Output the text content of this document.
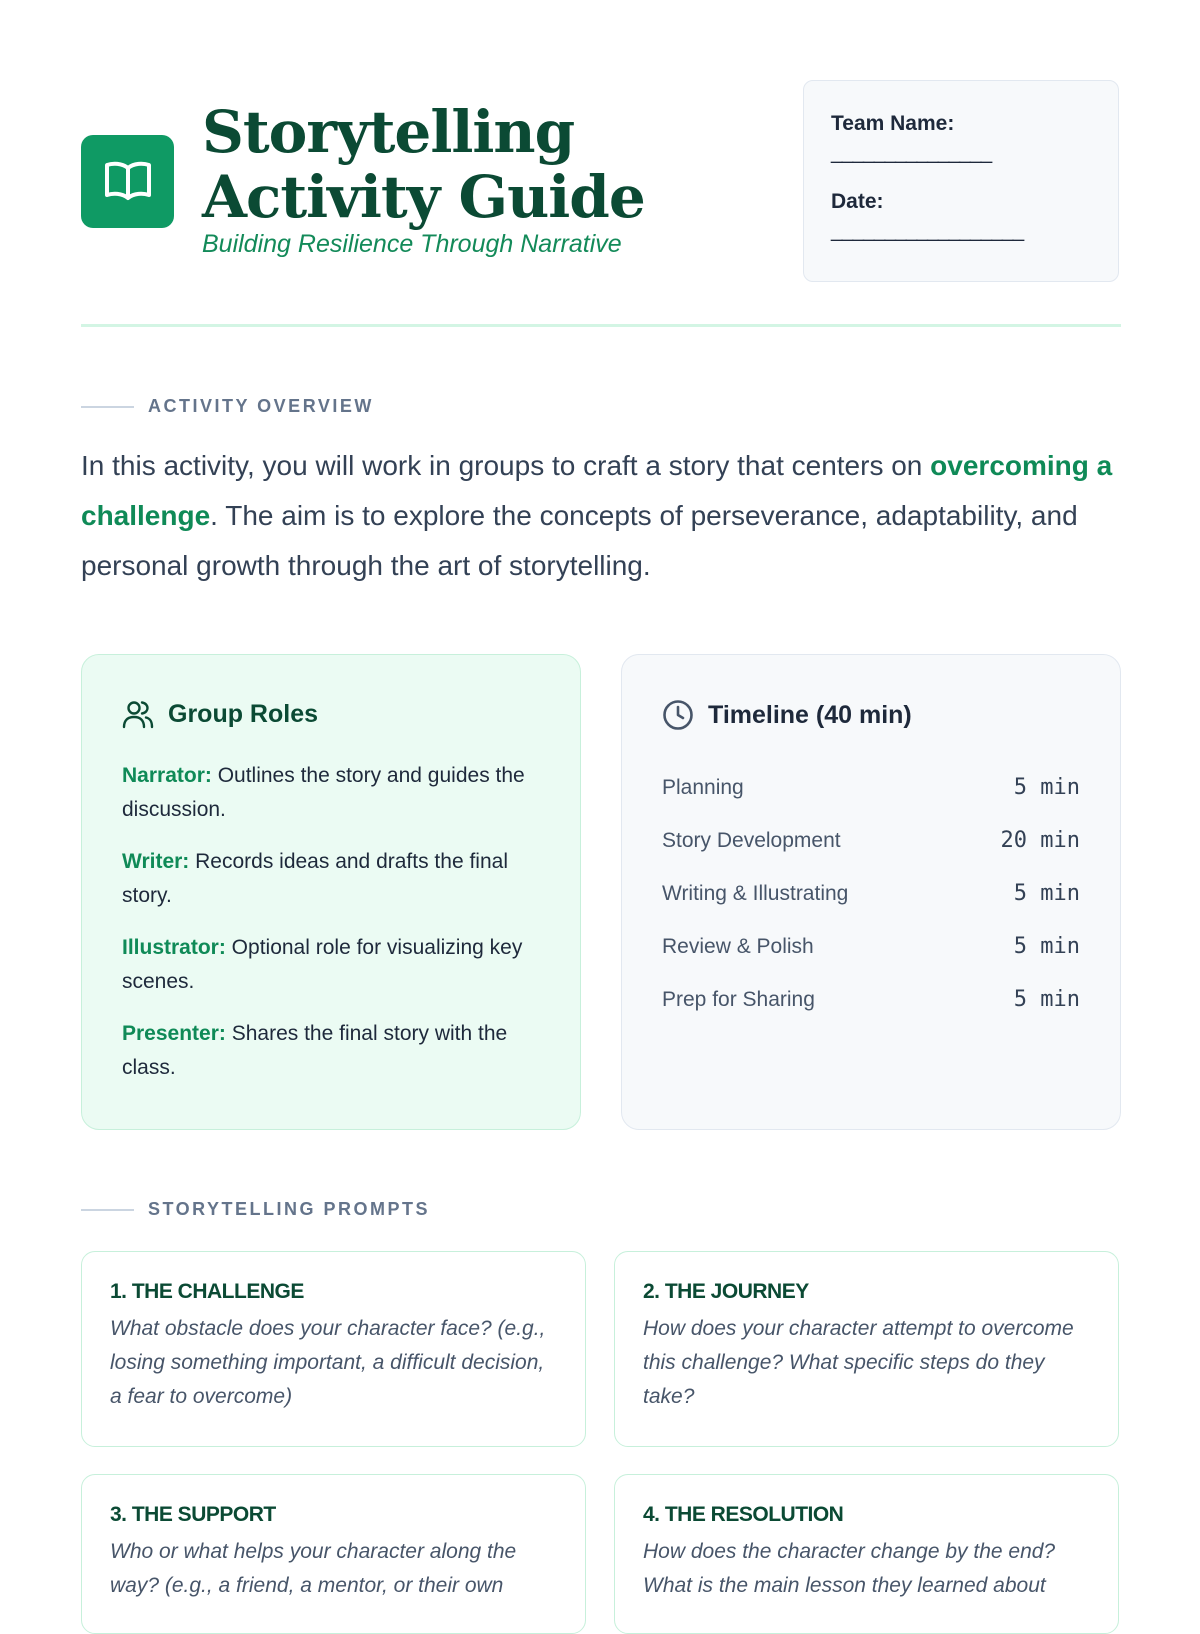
Storytelling Activity Guide
Building Resilience Through Narrative
Team Name:
_______________
Date:
__________________
ACTIVITY OVERVIEW

In this activity, you will work in groups to craft a story that centers on overcoming a challenge. The aim is to explore the concepts of perseverance, adaptability, and personal growth through the art of storytelling.

Group Roles
Narrator: Outlines the story and guides the discussion.
Writer: Records ideas and drafts the final story.
Illustrator: Optional role for visualizing key scenes.
Presenter: Shares the final story with the class.
Timeline (40 min)
Planning	5 min
Story Development	20 min
Writing & Illustrating	5 min
Review & Polish	5 min
Prep for Sharing	5 min
STORYTELLING PROMPTS
1. THE CHALLENGE
What obstacle does your character face? (e.g., losing something important, a difficult decision, a fear to overcome)
2. THE JOURNEY
How does your character attempt to overcome this challenge? What specific steps do they take?
3. THE SUPPORT
Who or what helps your character along the way? (e.g., a friend, a mentor, or their own
4. THE RESOLUTION
How does the character change by the end? What is the main lesson they learned about
